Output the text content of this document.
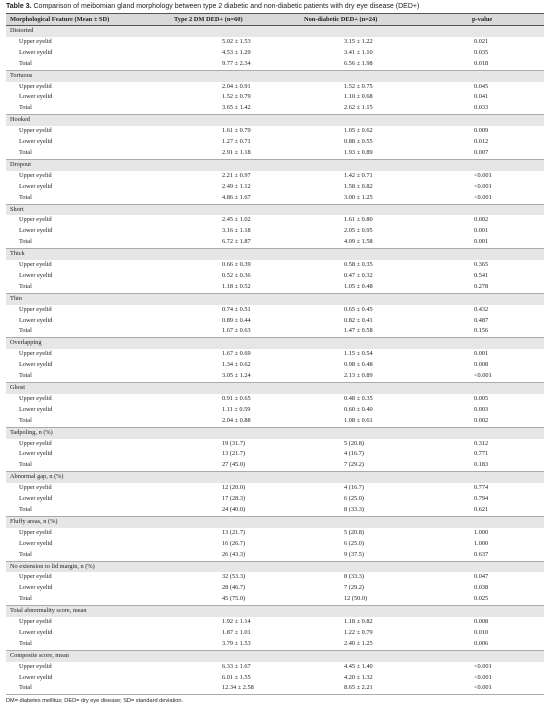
Table 3. Comparison of meibomian gland morphology between type 2 diabetic and non-diabetic patients with dry eye disease (DED+)
Morphological Feature (Mean ± SD)	Type 2 DM DED+ (n=60)	Non-diabetic DED+ (n=24)	p-value
Distorted			
Upper eyelid	5.02 ± 1.53	3.15 ± 1.22	0.021
Lower eyelid	4.53 ± 1.29	3.41 ± 1.10	0.035
Total	9.77 ± 2.34	6.56 ± 1.98	0.018
Tortuous			
Upper eyelid	2.04 ± 0.91	1.52 ± 0.75	0.045
Lower eyelid	1.52 ± 0.79	1.10 ± 0.68	0.041
Total	3.65 ± 1.42	2.62 ± 1.15	0.033
Hooked			
Upper eyelid	1.61 ± 0.79	1.05 ± 0.62	0.009
Lower eyelid	1.27 ± 0.71	0.88 ± 0.55	0.012
Total	2.91 ± 1.18	1.93 ± 0.89	0.007
Dropout			
Upper eyelid	2.21 ± 0.97	1.42 ± 0.71	<0.001
Lower eyelid	2.49 ± 1.12	1.58 ± 0.82	<0.001
Total	4.86 ± 1.67	3.00 ± 1.25	<0.001
Short			
Upper eyelid	2.45 ± 1.02	1.61 ± 0.80	0.002
Lower eyelid	3.16 ± 1.18	2.05 ± 0.95	0.001
Total	6.72 ± 1.87	4.09 ± 1.58	0.001
Thick			
Upper eyelid	0.66 ± 0.39	0.58 ± 0.35	0.365
Lower eyelid	0.52 ± 0.36	0.47 ± 0.32	0.541
Total	1.18 ± 0.52	1.05 ± 0.48	0.278
Thin			
Upper eyelid	0.74 ± 0.51	0.65 ± 0.45	0.432
Lower eyelid	0.89 ± 0.44	0.82 ± 0.41	0.487
Total	1.67 ± 0.63	1.47 ± 0.58	0.156
Overlapping			
Upper eyelid	1.67 ± 0.69	1.15 ± 0.54	0.001
Lower eyelid	1.34 ± 0.62	0.98 ± 0.48	0.008
Total	3.05 ± 1.24	2.13 ± 0.89	<0.001
Ghost			
Upper eyelid	0.91 ± 0.65	0.48 ± 0.35	0.005
Lower eyelid	1.11 ± 0.59	0.60 ± 0.40	0.003
Total	2.04 ± 0.88	1.08 ± 0.61	0.002
Tadpoling, n (%)			
Upper eyelid	19 (31.7)	5 (20.8)	0.312
Lower eyelid	13 (21.7)	4 (16.7)	0.771
Total	27 (45.0)	7 (29.2)	0.183
Abnormal gap, n (%)			
Upper eyelid	12 (20.0)	4 (16.7)	0.774
Lower eyelid	17 (28.3)	6 (25.0)	0.794
Total	24 (40.0)	8 (33.3)	0.621
Fluffy areas, n (%)			
Upper eyelid	13 (21.7)	5 (20.8)	1.000
Lower eyelid	16 (26.7)	6 (25.0)	1.000
Total	26 (43.3)	9 (37.5)	0.637
No extension to lid margin, n (%)			
Upper eyelid	32 (53.3)	8 (33.3)	0.047
Lower eyelid	28 (46.7)	7 (29.2)	0.038
Total	45 (75.0)	12 (50.0)	0.025
Total abnormality score, mean			
Upper eyelid	1.92 ± 1.14	1.18 ± 0.82	0.008
Lower eyelid	1.87 ± 1.01	1.22 ± 0.79	0.010
Total	3.79 ± 1.53	2.40 ± 1.25	0.006
Composite score, mean			
Upper eyelid	6.33 ± 1.67	4.45 ± 1.40	<0.001
Lower eyelid	6.01 ± 1.55	4.20 ± 1.32	<0.001
Total	12.34 ± 2.58	8.65 ± 2.21	<0.001
DM= diabetes mellitus; DED= dry eye disease; SD= standard deviation.
